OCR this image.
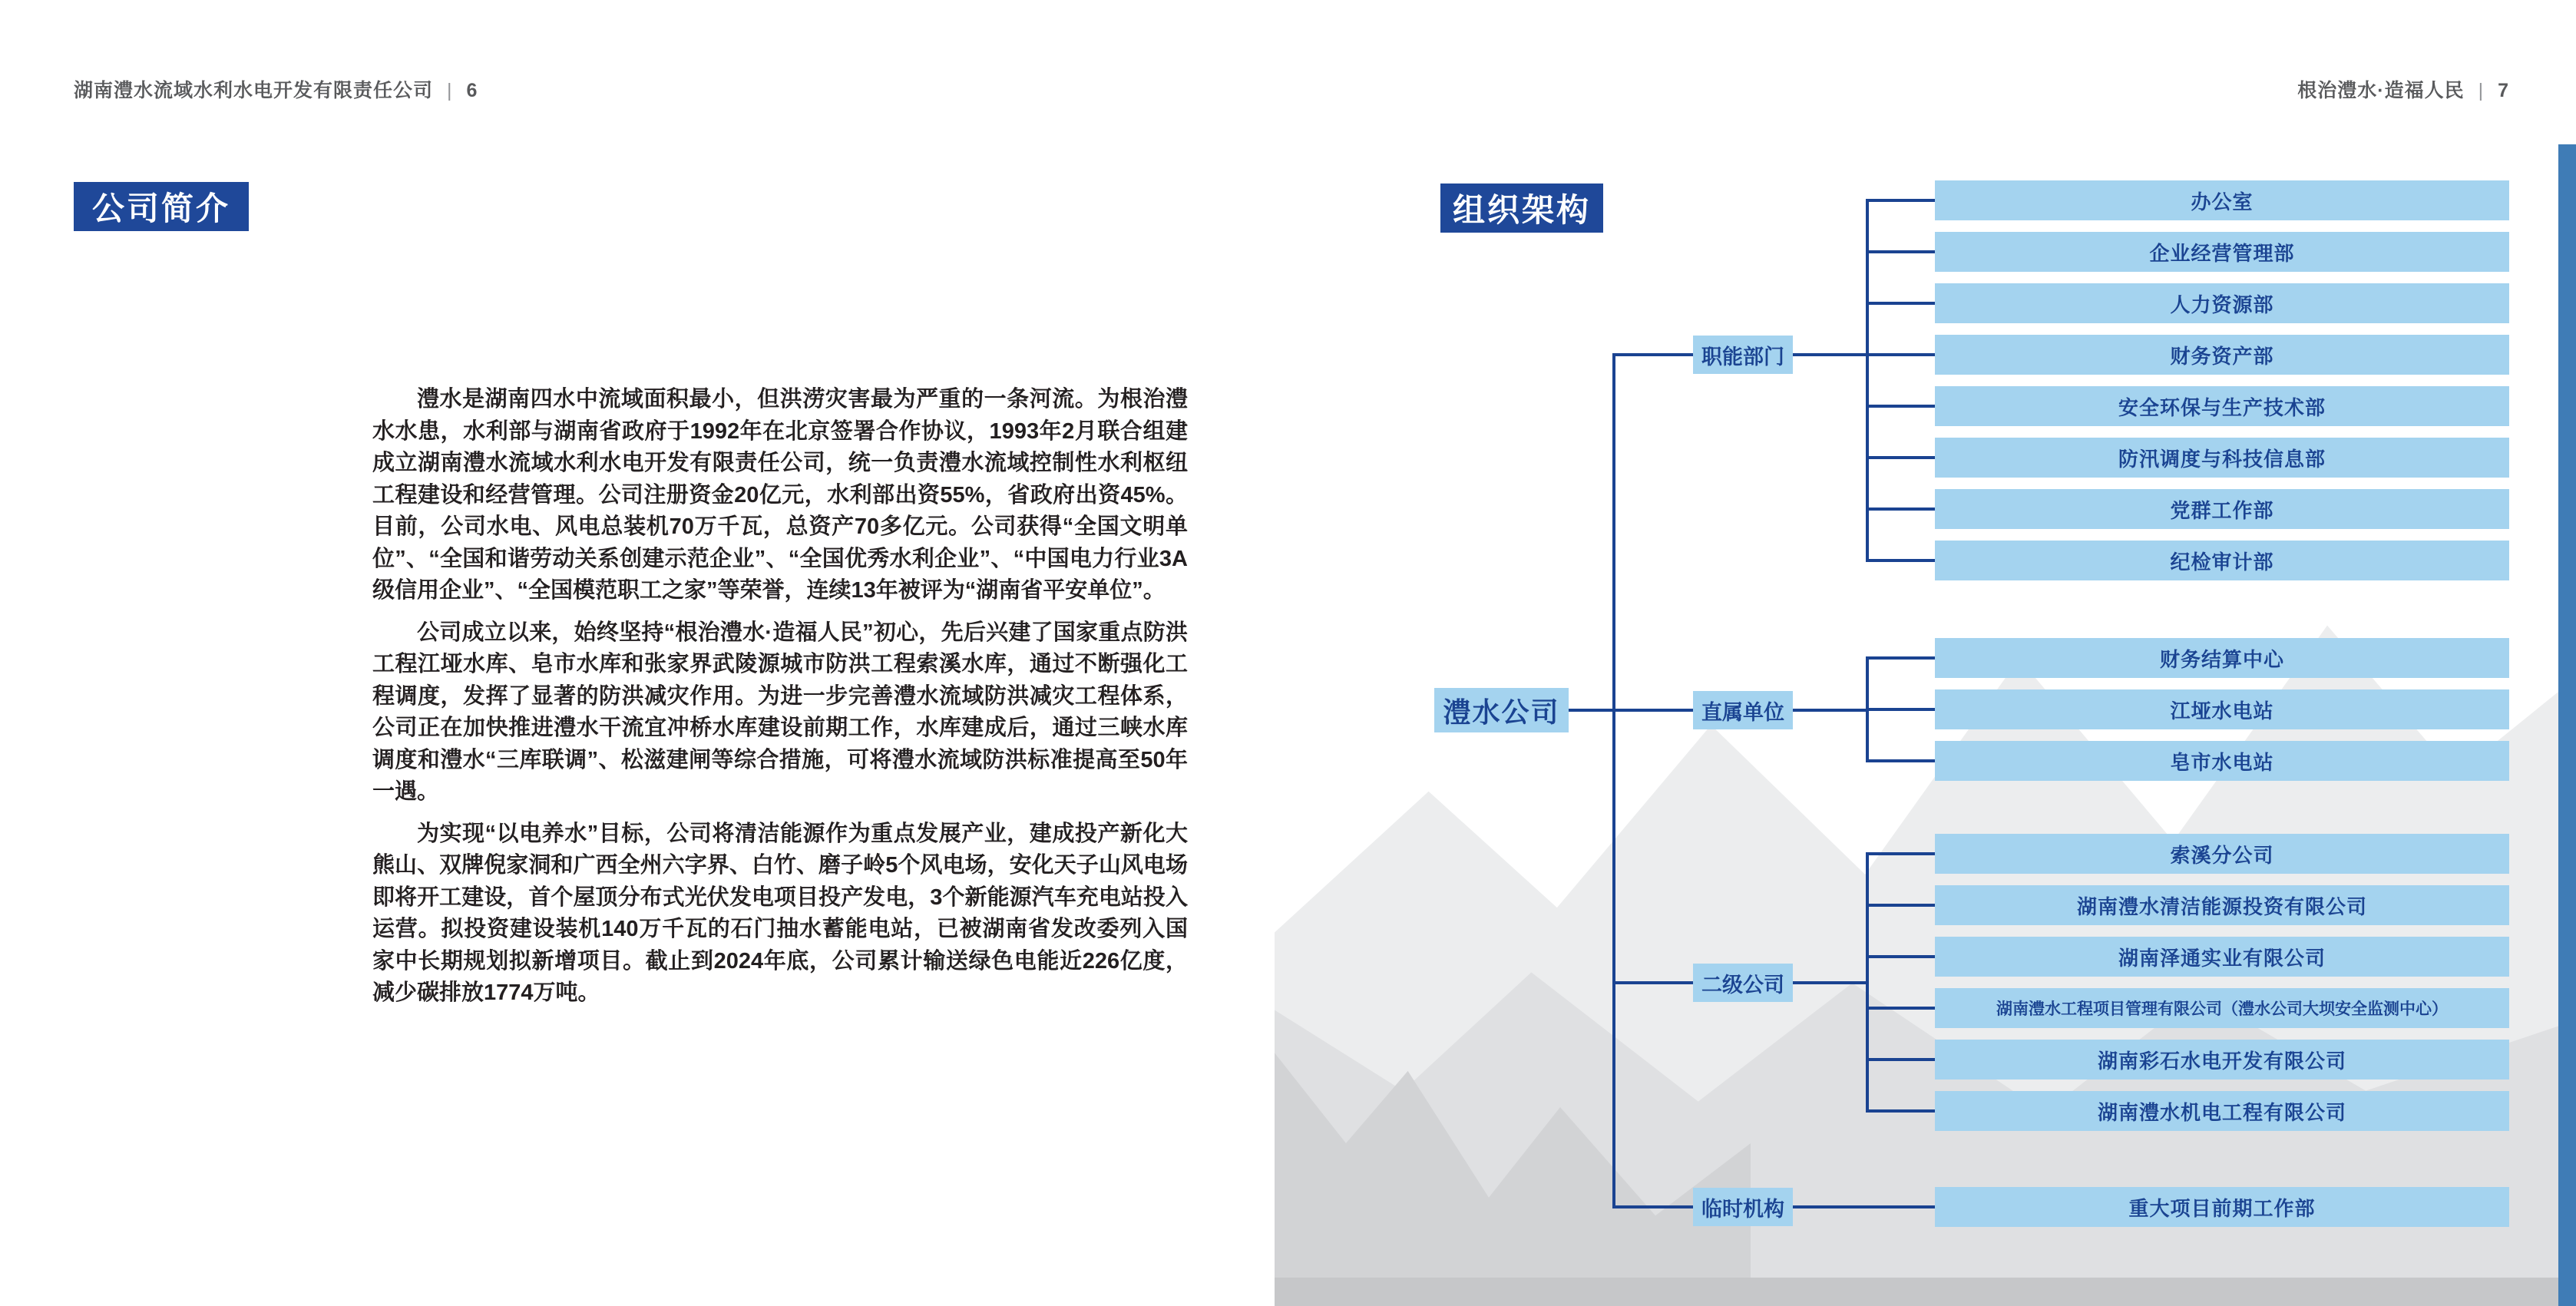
湖南澧水流域水利水电开发有限责任公司 | 6	根治澧水·造福人民 | 7
公司简介	组织架构

澧水是湖南四水中流域面积最小，但洪涝灾害最为严重的一条河流。为根治澧水水患，水利部与湖南省政府于1992年在北京签署合作协议，1993年2月联合组建成立湖南澧水流域水利水电开发有限责任公司，统一负责澧水流域控制性水利枢纽工程建设和经营管理。公司注册资金20亿元，水利部出资55%，省政府出资45%。目前，公司水电、风电总装机70万千瓦，总资产70多亿元。公司获得“全国文明单位”、“全国和谐劳动关系创建示范企业”、“全国优秀水利企业”、“中国电力行业3A级信用企业”、“全国模范职工之家”等荣誉，连续13年被评为“湖南省平安单位”。

公司成立以来，始终坚持“根治澧水·造福人民”初心，先后兴建了国家重点防洪工程江垭水库、皂市水库和张家界武陵源城市防洪工程索溪水库，通过不断强化工程调度，发挥了显著的防洪减灾作用。为进一步完善澧水流域防洪减灾工程体系，公司正在加快推进澧水干流宜冲桥水库建设前期工作，水库建成后，通过三峡水库调度和澧水“三库联调”、松滋建闸等综合措施，可将澧水流域防洪标准提高至50年一遇。

为实现“以电养水”目标，公司将清洁能源作为重点发展产业，建成投产新化大熊山、双牌倪家洞和广西全州六字界、白竹、磨子岭5个风电场，安化天子山风电场即将开工建设，首个屋顶分布式光伏发电项目投产发电，3个新能源汽车充电站投入运营。拟投资建设装机140万千瓦的石门抽水蓄能电站，已被湖南省发改委列入国家中长期规划拟新增项目。截止到2024年底，公司累计输送绿色电能近226亿度，减少碳排放1774万吨。

澧水公司
职能部门
办公室
企业经营管理部
人力资源部
财务资产部
安全环保与生产技术部
防汛调度与科技信息部
党群工作部
纪检审计部
直属单位
财务结算中心
江垭水电站
皂市水电站
二级公司
索溪分公司
湖南澧水清洁能源投资有限公司
湖南泽通实业有限公司
湖南澧水工程项目管理有限公司（澧水公司大坝安全监测中心）
湖南彩石水电开发有限公司
湖南澧水机电工程有限公司
临时机构	重大项目前期工作部
